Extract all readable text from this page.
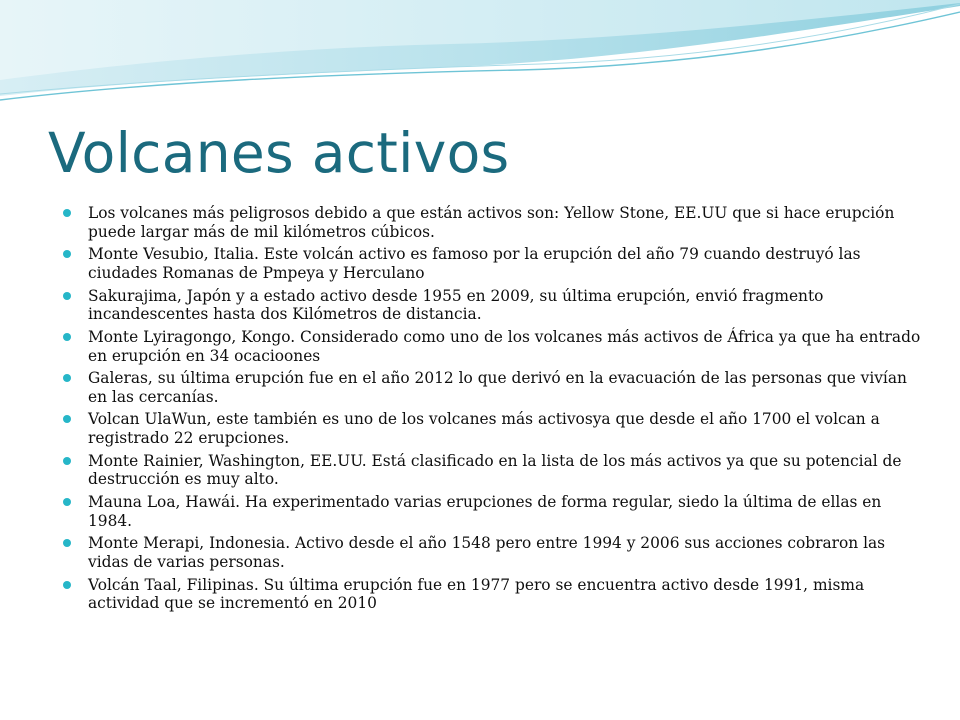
Volcanes activos
Los volcanes más peligrosos debido a que están activos son: Yellow Stone, EE.UU que si hace erupción puede largar más de mil kilómetros cúbicos.
Monte Vesubio, Italia. Este volcán activo es famoso por la erupción del año 79 cuando destruyó las ciudades Romanas de Pmpeya y Herculano
Sakurajima, Japón y a estado activo desde 1955 en 2009, su última erupción, envió fragmento incandescentes hasta dos Kilómetros de distancia.
Monte Lyiragongo, Kongo. Considerado como uno de los volcanes más activos de África ya que ha entrado en erupción en 34 ocacioones
Galeras, su última erupción fue en el año 2012 lo que derivó en la evacuación de las personas que vivían en las cercanías.
Volcan UlaWun, este también es uno de los volcanes más activosya que desde el año 1700 el volcan a registrado 22 erupciones.
Monte Rainier, Washington, EE.UU. Está clasificado en la lista de los más activos ya que su potencial de destrucción es muy alto.
Mauna Loa, Hawái. Ha experimentado varias erupciones de forma regular, siedo la última de ellas en 1984.
Monte Merapi, Indonesia. Activo desde el año 1548 pero entre 1994 y 2006 sus acciones cobraron las vidas de varias personas.
Volcán Taal, Filipinas. Su última erupción fue en 1977 pero se encuentra activo desde 1991, misma actividad que se incrementó en 2010
